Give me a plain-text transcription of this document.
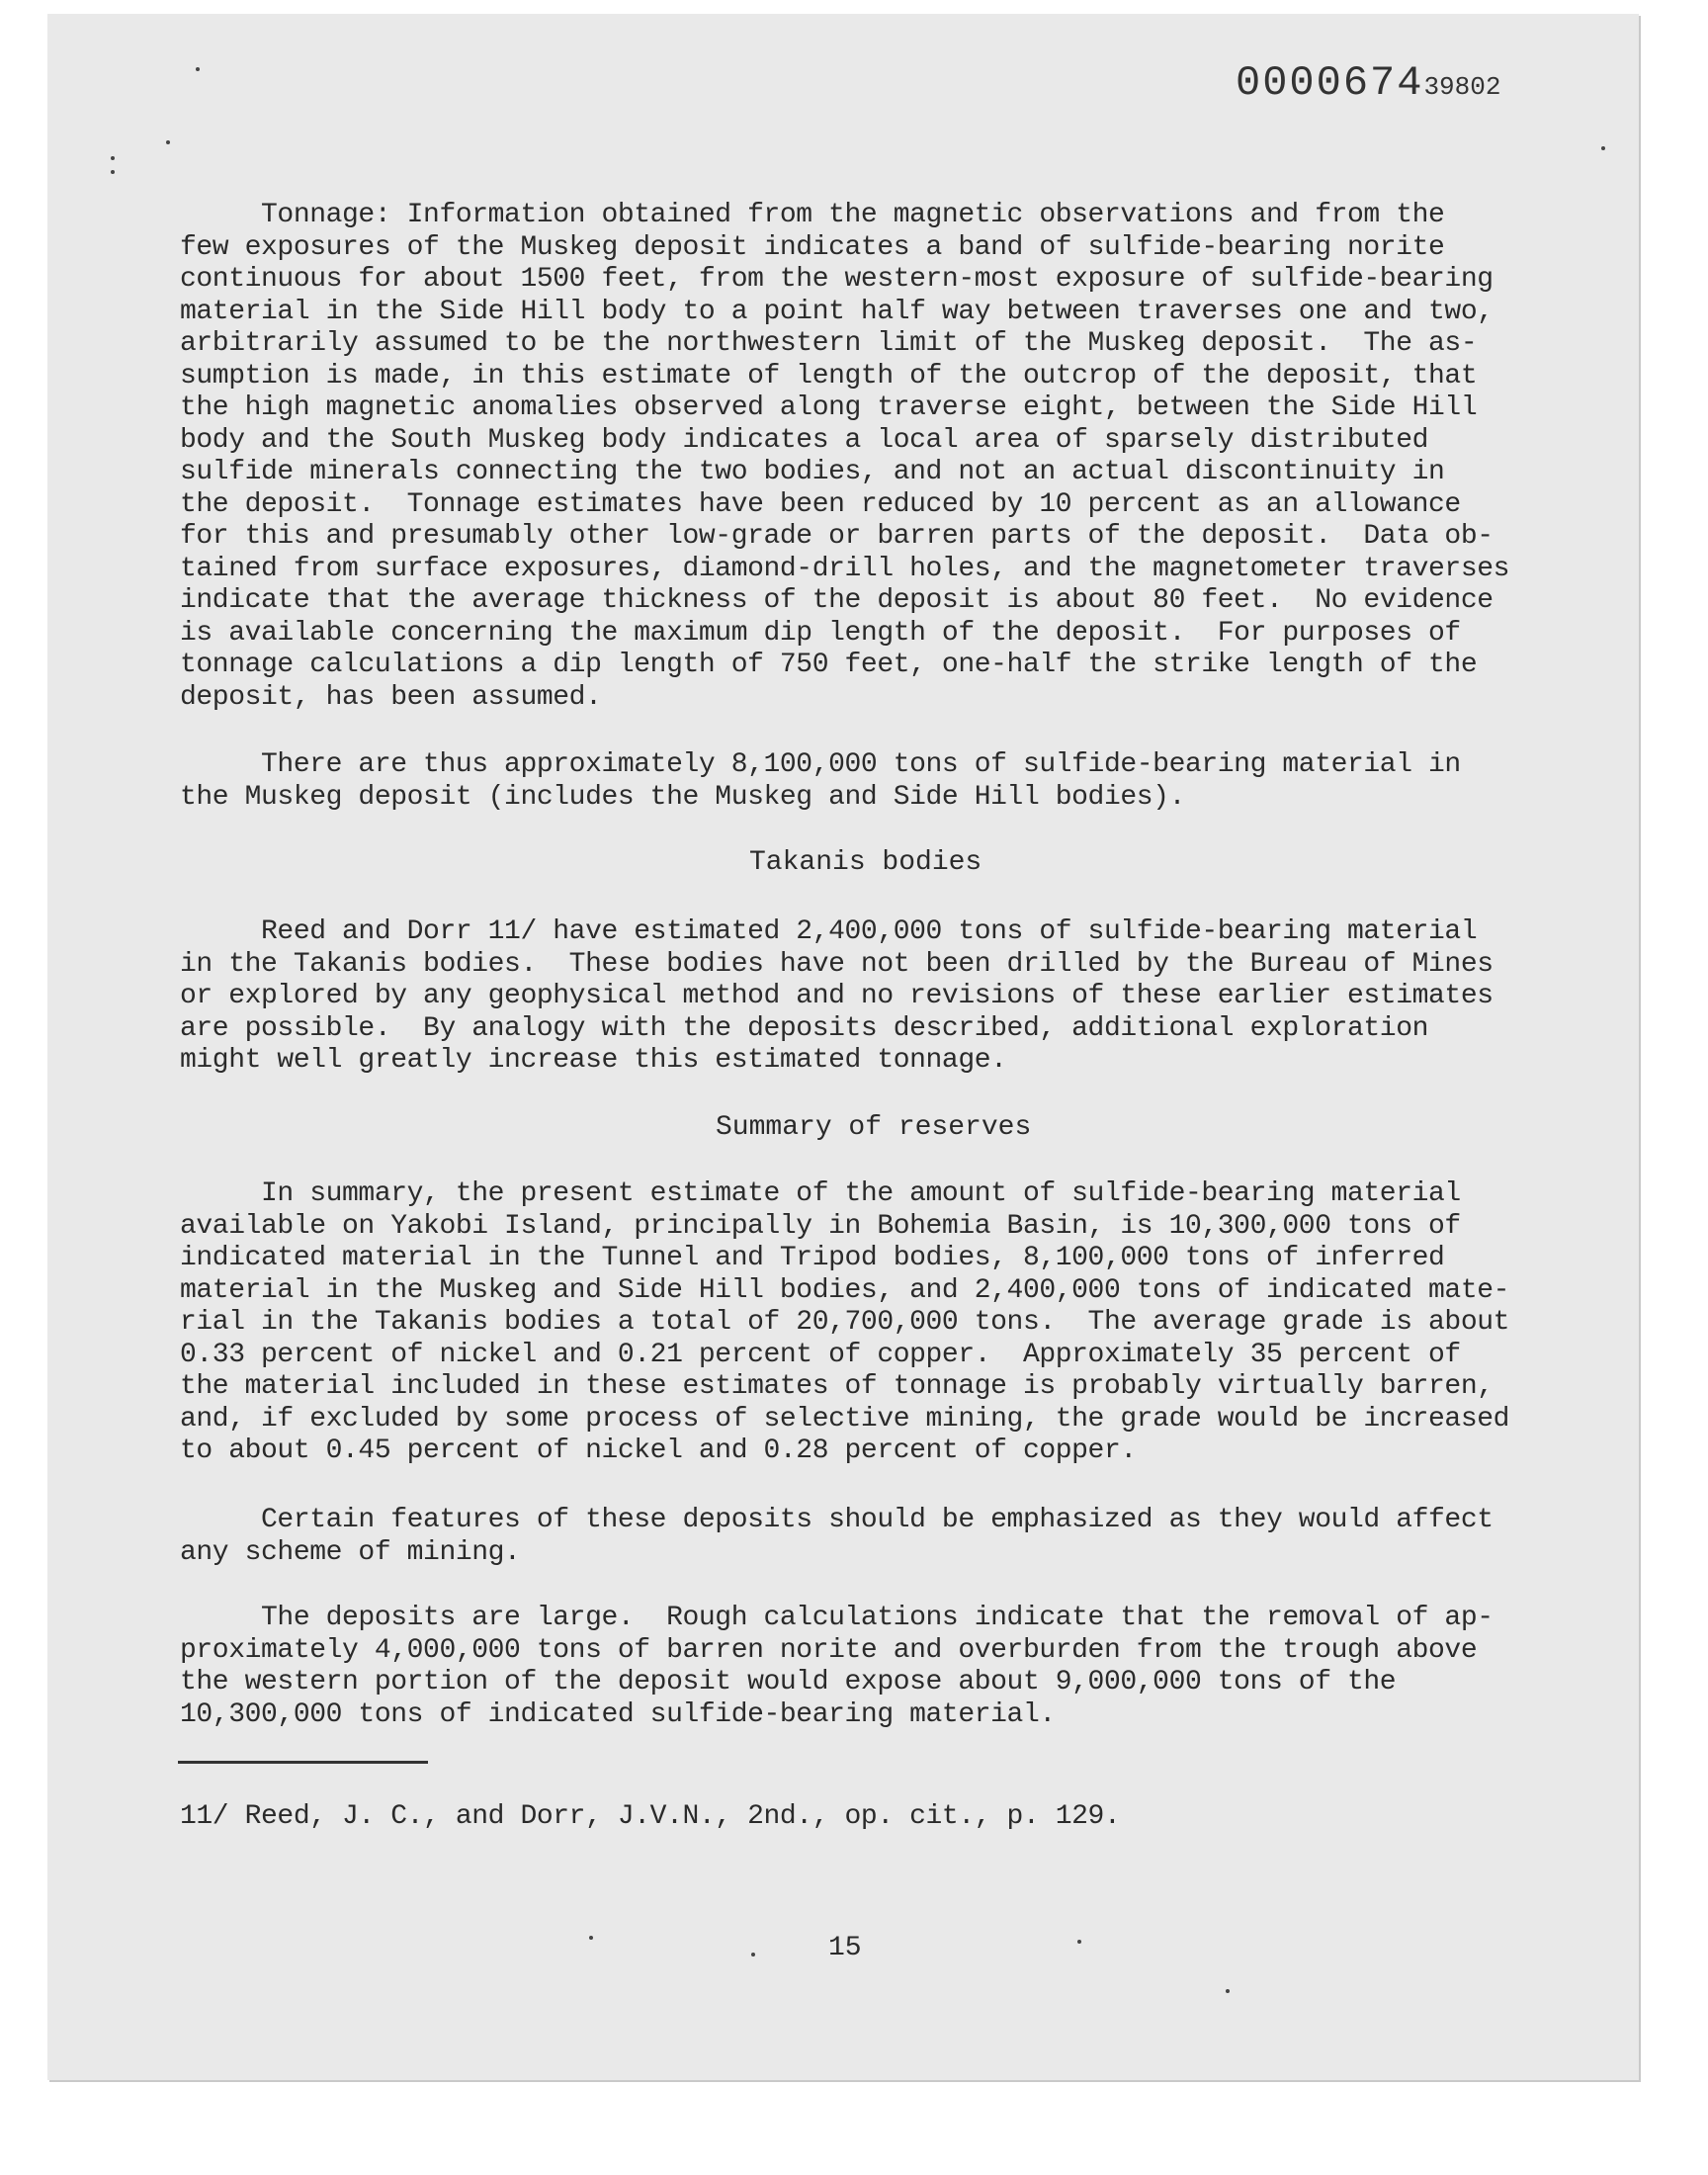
000067439802
Tonnage: Information obtained from the magnetic observations and from the
few exposures of the Muskeg deposit indicates a band of sulfide-bearing norite
continuous for about 1500 feet, from the western-most exposure of sulfide-bearing
material in the Side Hill body to a point half way between traverses one and two,
arbitrarily assumed to be the northwestern limit of the Muskeg deposit.  The as-
sumption is made, in this estimate of length of the outcrop of the deposit, that
the high magnetic anomalies observed along traverse eight, between the Side Hill
body and the South Muskeg body indicates a local area of sparsely distributed
sulfide minerals connecting the two bodies, and not an actual discontinuity in
the deposit.  Tonnage estimates have been reduced by 10 percent as an allowance
for this and presumably other low-grade or barren parts of the deposit.  Data ob-
tained from surface exposures, diamond-drill holes, and the magnetometer traverses
indicate that the average thickness of the deposit is about 80 feet.  No evidence
is available concerning the maximum dip length of the deposit.  For purposes of
tonnage calculations a dip length of 750 feet, one-half the strike length of the
deposit, has been assumed.
There are thus approximately 8,100,000 tons of sulfide-bearing material in
the Muskeg deposit (includes the Muskeg and Side Hill bodies).
Takanis bodies
Reed and Dorr 11/ have estimated 2,400,000 tons of sulfide-bearing material
in the Takanis bodies.  These bodies have not been drilled by the Bureau of Mines
or explored by any geophysical method and no revisions of these earlier estimates
are possible.  By analogy with the deposits described, additional exploration
might well greatly increase this estimated tonnage.
Summary of reserves
In summary, the present estimate of the amount of sulfide-bearing material
available on Yakobi Island, principally in Bohemia Basin, is 10,300,000 tons of
indicated material in the Tunnel and Tripod bodies, 8,100,000 tons of inferred
material in the Muskeg and Side Hill bodies, and 2,400,000 tons of indicated mate-
rial in the Takanis bodies a total of 20,700,000 tons.  The average grade is about
0.33 percent of nickel and 0.21 percent of copper.  Approximately 35 percent of
the material included in these estimates of tonnage is probably virtually barren,
and, if excluded by some process of selective mining, the grade would be increased
to about 0.45 percent of nickel and 0.28 percent of copper.
Certain features of these deposits should be emphasized as they would affect
any scheme of mining.
The deposits are large.  Rough calculations indicate that the removal of ap-
proximately 4,000,000 tons of barren norite and overburden from the trough above
the western portion of the deposit would expose about 9,000,000 tons of the
10,300,000 tons of indicated sulfide-bearing material.
11/ Reed, J. C., and Dorr, J.V.N., 2nd., op. cit., p. 129.
15
